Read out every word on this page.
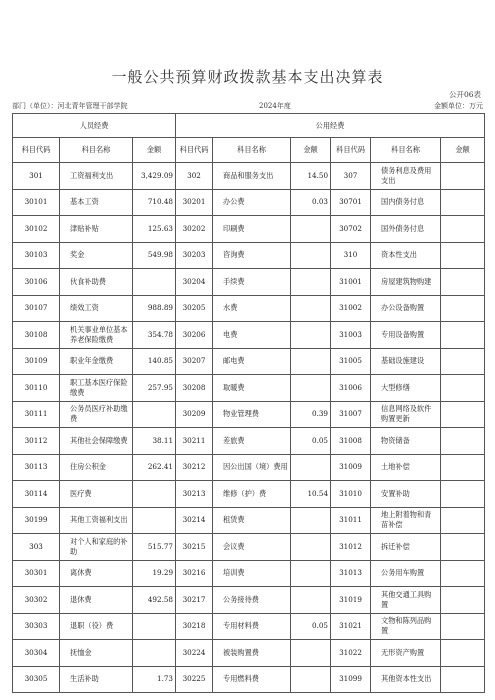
一般公共预算财政拨款基本支出决算表
公开06表
部门（单位）：河北青年管理干部学院	2024年度	金额单位：万元
人员经费			公用经费					
科目代码	科目名称	金额	科目代码	科目名称	金额	科目代码	科目名称	金额
301	工资福利支出	3,429.09	302	商品和服务支出	14.50	307	债务利息及费用支出	
30101	基本工资	710.48	30201	办公费	0.03	30701	国内债务付息	
30102	津贴补贴	125.63	30202	印刷费		30702	国外债务付息	
30103	奖金	549.98	30203	咨询费		310	资本性支出	
30106	伙食补助费		30204	手续费		31001	房屋建筑物购建	
30107	绩效工资	988.89	30205	水费		31002	办公设备购置	
30108	机关事业单位基本养老保险缴费	354.78	30206	电费		31003	专用设备购置	
30109	职业年金缴费	140.85	30207	邮电费		31005	基础设施建设	
30110	职工基本医疗保险缴费	257.95	30208	取暖费		31006	大型修缮	
30111	公务员医疗补助缴费		30209	物业管理费	0.39	31007	信息网络及软件购置更新	
30112	其他社会保障缴费	38.11	30211	差旅费	0.05	31008	物资储备	
30113	住房公积金	262.41	30212	因公出国（境）费用		31009	土地补偿	
30114	医疗费		30213	维修（护）费	10.54	31010	安置补助	
30199	其他工资福利支出		30214	租赁费		31011	地上附着物和青苗补偿	
303	对个人和家庭的补助	515.77	30215	会议费		31012	拆迁补偿	
30301	离休费	19.29	30216	培训费		31013	公务用车购置	
30302	退休费	492.58	30217	公务接待费		31019	其他交通工具购置	
30303	退职（役）费		30218	专用材料费	0.05	31021	文物和陈列品购置	
30304	抚恤金		30224	被装购置费		31022	无形资产购置	
30305	生活补助	1.73	30225	专用燃料费		31099	其他资本性支出	
